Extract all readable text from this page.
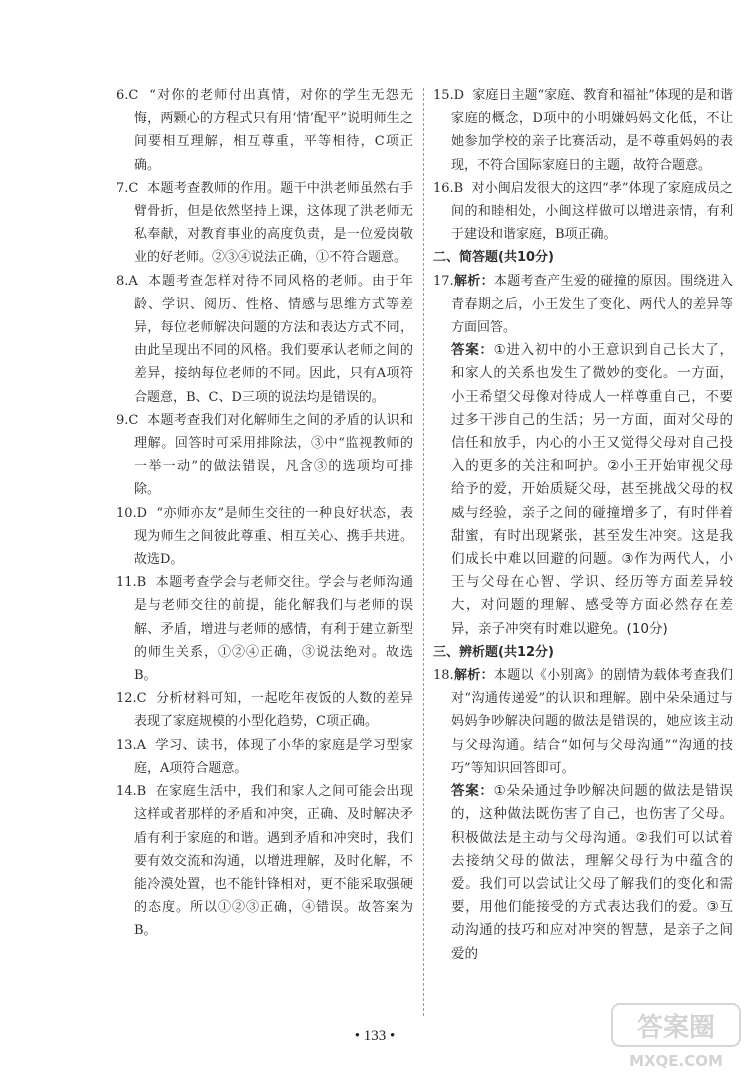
6.C “对你的老师付出真情，对你的学生无怨无悔，两颗心的方程式只有用‘情’配平”说明师生之间要相互理解，相互尊重，平等相待，C项正确。

7.C 本题考查教师的作用。题干中洪老师虽然右手臂骨折，但是依然坚持上课，这体现了洪老师无私奉献，对教育事业的高度负责，是一位爱岗敬业的好老师。②③④说法正确，①不符合题意。

8.A 本题考查怎样对待不同风格的老师。由于年龄、学识、阅历、性格、情感与思维方式等差异，每位老师解决问题的方法和表达方式不同，由此呈现出不同的风格。我们要承认老师之间的差异，接纳每位老师的不同。因此，只有A项符合题意，B、C、D三项的说法均是错误的。

9.C 本题考查我们对化解师生之间的矛盾的认识和理解。回答时可采用排除法，③中“监视教师的一举一动”的做法错误，凡含③的选项均可排除。

10.D “亦师亦友”是师生交往的一种良好状态，表现为师生之间彼此尊重、相互关心、携手共进。故选D。

11.B 本题考查学会与老师交往。学会与老师沟通是与老师交往的前提，能化解我们与老师的误解、矛盾，增进与老师的感情，有利于建立新型的师生关系，①②④正确，③说法绝对。故选B。

12.C 分析材料可知，一起吃年夜饭的人数的差异表现了家庭规模的小型化趋势，C项正确。

13.A 学习、读书，体现了小华的家庭是学习型家庭，A项符合题意。

14.B 在家庭生活中，我们和家人之间可能会出现这样或者那样的矛盾和冲突，正确、及时解决矛盾有利于家庭的和谐。遇到矛盾和冲突时，我们要有效交流和沟通，以增进理解，及时化解，不能冷漠处置，也不能针锋相对，更不能采取强硬的态度。所以①②③正确，④错误。故答案为B。

15.D 家庭日主题“家庭、教育和福祉”体现的是和谐家庭的概念，D项中的小明嫌妈妈文化低，不让她参加学校的亲子比赛活动，是不尊重妈妈的表现，不符合国际家庭日的主题，故符合题意。

16.B 对小闽启发很大的这四“孝”体现了家庭成员之间的和睦相处，小闽这样做可以增进亲情，有利于建设和谐家庭，B项正确。

二、简答题(共10分)

17.解析：本题考查产生爱的碰撞的原因。围绕进入青春期之后，小王发生了变化、两代人的差异等方面回答。

答案：①进入初中的小王意识到自己长大了，和家人的关系也发生了微妙的变化。一方面，小王希望父母像对待成人一样尊重自己，不要过多干涉自己的生活；另一方面，面对父母的信任和放手，内心的小王又觉得父母对自己投入的更多的关注和呵护。②小王开始审视父母给予的爱，开始质疑父母，甚至挑战父母的权威与经验，亲子之间的碰撞增多了，有时伴着甜蜜，有时出现紧张，甚至发生冲突。这是我们成长中难以回避的问题。③作为两代人，小王与父母在心智、学识、经历等方面差异较大，对问题的理解、感受等方面必然存在差异，亲子冲突有时难以避免。(10分)

三、辨析题(共12分)

18.解析：本题以《小别离》的剧情为载体考查我们对“沟通传递爱”的认识和理解。剧中朵朵通过与妈妈争吵解决问题的做法是错误的，她应该主动与父母沟通。结合“如何与父母沟通”“沟通的技巧”等知识回答即可。

答案：①朵朵通过争吵解决问题的做法是错误的，这种做法既伤害了自己，也伤害了父母。积极做法是主动与父母沟通。②我们可以试着去接纳父母的做法，理解父母行为中蕴含的爱。我们可以尝试让父母了解我们的变化和需要，用他们能接受的方式表达我们的爱。③互动沟通的技巧和应对冲突的智慧，是亲子之间爱的

• 133 •	答案圈
MXQE.COM
